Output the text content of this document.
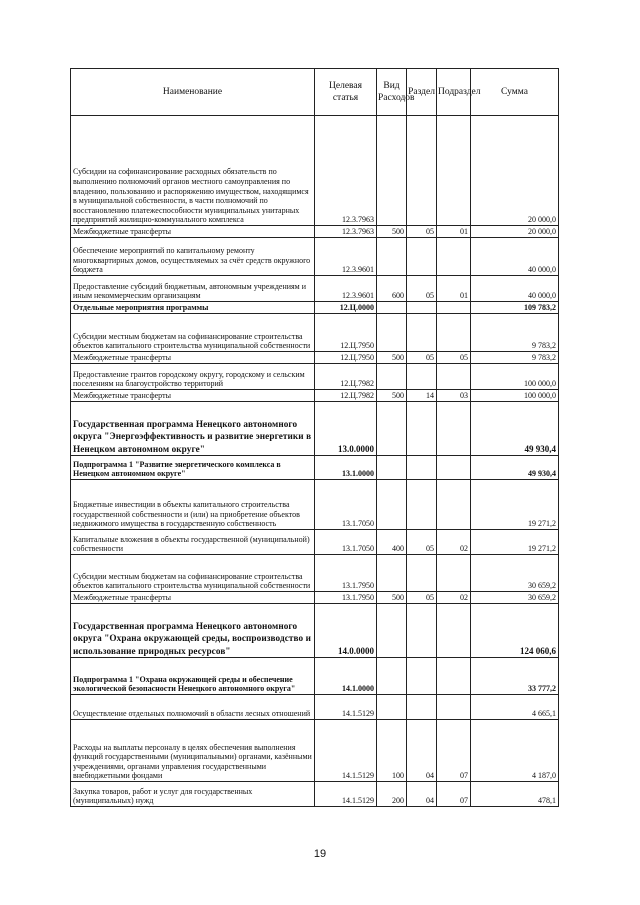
Наименование	Целевая статья	Вид Расходов	Раздел	Подраздел	Сумма
Субсидии на софинансирование расходных обязательств по выполнению полномочий органов местного самоуправления по владению, пользованию и распоряжению имуществом, находящимся в муниципальной собственности, в части полномочий по восстановлению платежеспособности муниципальных унитарных предприятий жилищно-коммунального комплекса	12.3.7963				20 000,0
Межбюджетные трансферты	12.3.7963	500	05	01	20 000,0
Обеспечение мероприятий по капитальному ремонту многоквартирных домов, осуществляемых за счёт средств окружного бюджета	12.3.9601				40 000,0
Предоставление субсидий бюджетным, автономным учреждениям и иным некоммерческим организациям	12.3.9601	600	05	01	40 000,0
Отдельные мероприятия программы	12.Ц.0000				109 783,2
Субсидии местным бюджетам на софинансирование строительства объектов капитального строительства муниципальной собственности	12.Ц.7950				9 783,2
Межбюджетные трансферты	12.Ц.7950	500	05	05	9 783,2
Предоставление грантов городскому округу, городскому и сельским поселениям на благоустройство территорий	12.Ц.7982				100 000,0
Межбюджетные трансферты	12.Ц.7982	500	14	03	100 000,0
Государственная программа Ненецкого автономного округа "Энергоэффективность и развитие энергетики в Ненецком автономном округе"	13.0.0000				49 930,4
Подпрограмма 1 "Развитие энергетического комплекса в Ненецком автономном округе"	13.1.0000				49 930,4
Бюджетные инвестиции в объекты капитального строительства государственной собственности и (или) на приобретение объектов недвижимого имущества в государственную собственность	13.1.7050				19 271,2
Капитальные вложения в объекты государственной (муниципальной) собственности	13.1.7050	400	05	02	19 271,2
Субсидии местным бюджетам на софинансирование строительства объектов капитального строительства муниципальной собственности	13.1.7950				30 659,2
Межбюджетные трансферты	13.1.7950	500	05	02	30 659,2
Государственная программа Ненецкого автономного округа "Охрана окружающей среды, воспроизводство и использование природных ресурсов"	14.0.0000				124 060,6
Подпрограмма 1 "Охрана окружающей среды и обеспечение экологической безопасности Ненецкого автономного округа"	14.1.0000				33 777,2
Осуществление отдельных полномочий в области лесных отношений	14.1.5129				4 665,1
Расходы на выплаты персоналу в целях обеспечения выполнения функций государственными (муниципальными) органами, казёнными учреждениями, органами управления государственными внебюджетными фондами	14.1.5129	100	04	07	4 187,0
Закупка товаров, работ и услуг для государственных (муниципальных) нужд	14.1.5129	200	04	07	478,1
19
